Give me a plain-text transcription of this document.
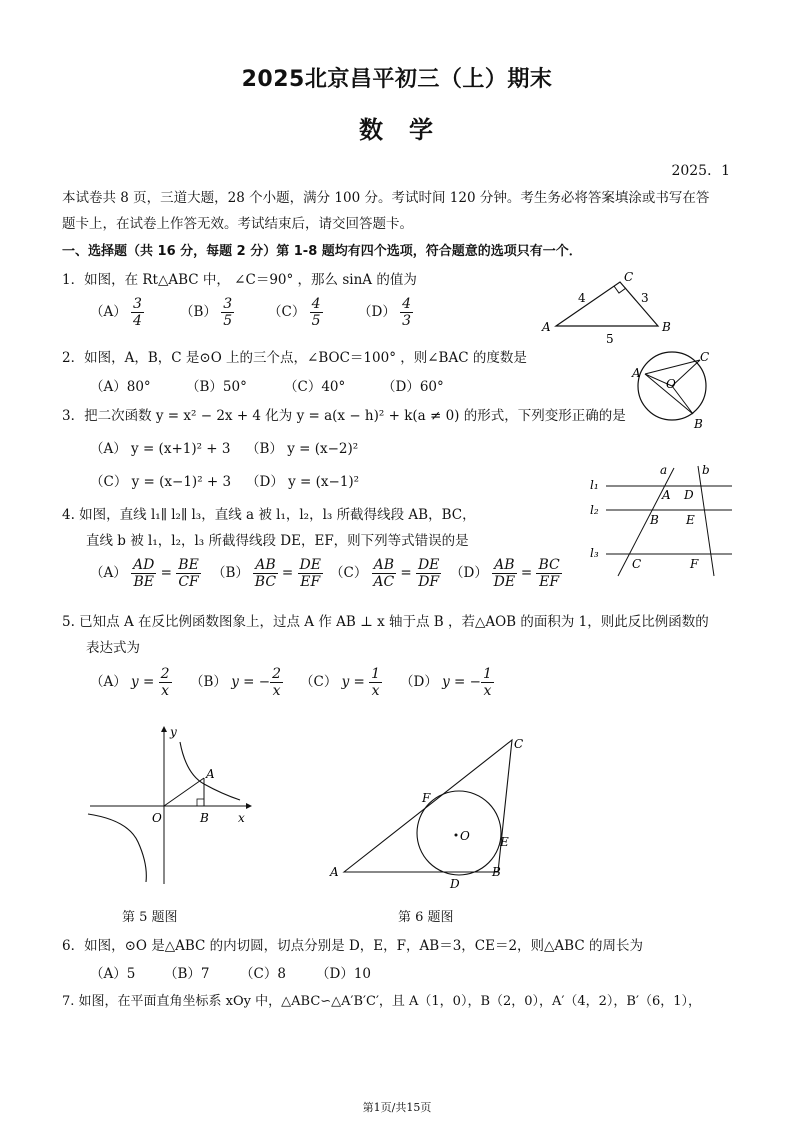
2025北京昌平初三（上）期末
数学
2025．1
本试卷共 8 页，三道大题，28 个小题，满分 100 分。考试时间 120 分钟。考生务必将答案填涂或书写在答
题卡上，在试卷上作答无效。考试结束后，请交回答题卡。
一、选择题（共 16 分，每题 2 分）第 1-8 题均有四个选项，符合题意的选项只有一个．
1．如图，在 Rt△ABC 中， ∠C＝90° ，那么 sinA 的值为
$(A) \frac{3}{4}$	$(B) \frac{3}{5}$	$(C) \frac{4}{5}$	$(D) \frac{4}{3}$	A	B
C
4	3
5
2．如图，A，B，C 是⊙O 上的三个点，∠BOC＝100° ，则∠BAC 的度数是
（A）80°	（B）50°	（C）40°	（D）60°
A
B
C
O
3．把二次函数 y = x² − 2x + 4 化为 y = a(x − h)² + k(a ≠ 0) 的形式，下列变形正确的是
（A） y = (x+1)² + 3 （B） y = (x−2)²
（C） y = (x−1)² + 3 （D） y = (x−1)²
4. 如图，直线 l₁∥ l₂∥ l₃，直线 a 被 l₁，l₂，l₃ 所截得线段 AB，BC，
直线 b 被 l₁，l₂，l₃ 所截得线段 DE，EF，则下列等式错误的是
$(A) \frac{AD}{BE} = \frac{BE}{CF} (B) \frac{AB}{BC} = \frac{DE}{EF} (C) \frac{AB}{AC} = \frac{DE}{DF} (D) \frac{AB}{DE} = \frac{BC}{EF}$
l₁
l₂
l₃
a	b
A
B
C
D
E
F
5. 已知点 A 在反比例函数图象上，过点 A 作 AB ⊥ x 轴于点 B ，若△AOB 的面积为 1，则此反比例函数的
表达式为
（A） $y = \frac{2}{x} (B) y$ = − $\frac{2}{x} (C) y = \frac{1}{x} (D) y$ = − $\frac{1}{x}$
y
x
O
A
B
第 5 题图
A	B
C
D
E
F
O
第 6 题图
6．如图，⊙O 是△ABC 的内切圆，切点分别是 D，E，F，AB＝3，CE＝2，则△ABC 的周长为
（A）5 （B）7 （C）8 （D）10
7. 如图，在平面直角坐标系 xOy 中，△ABC∽△A′B′C′，且 A（1，0），B（2，0），A′（4，2），B′（6，1），
第1页/共15页
